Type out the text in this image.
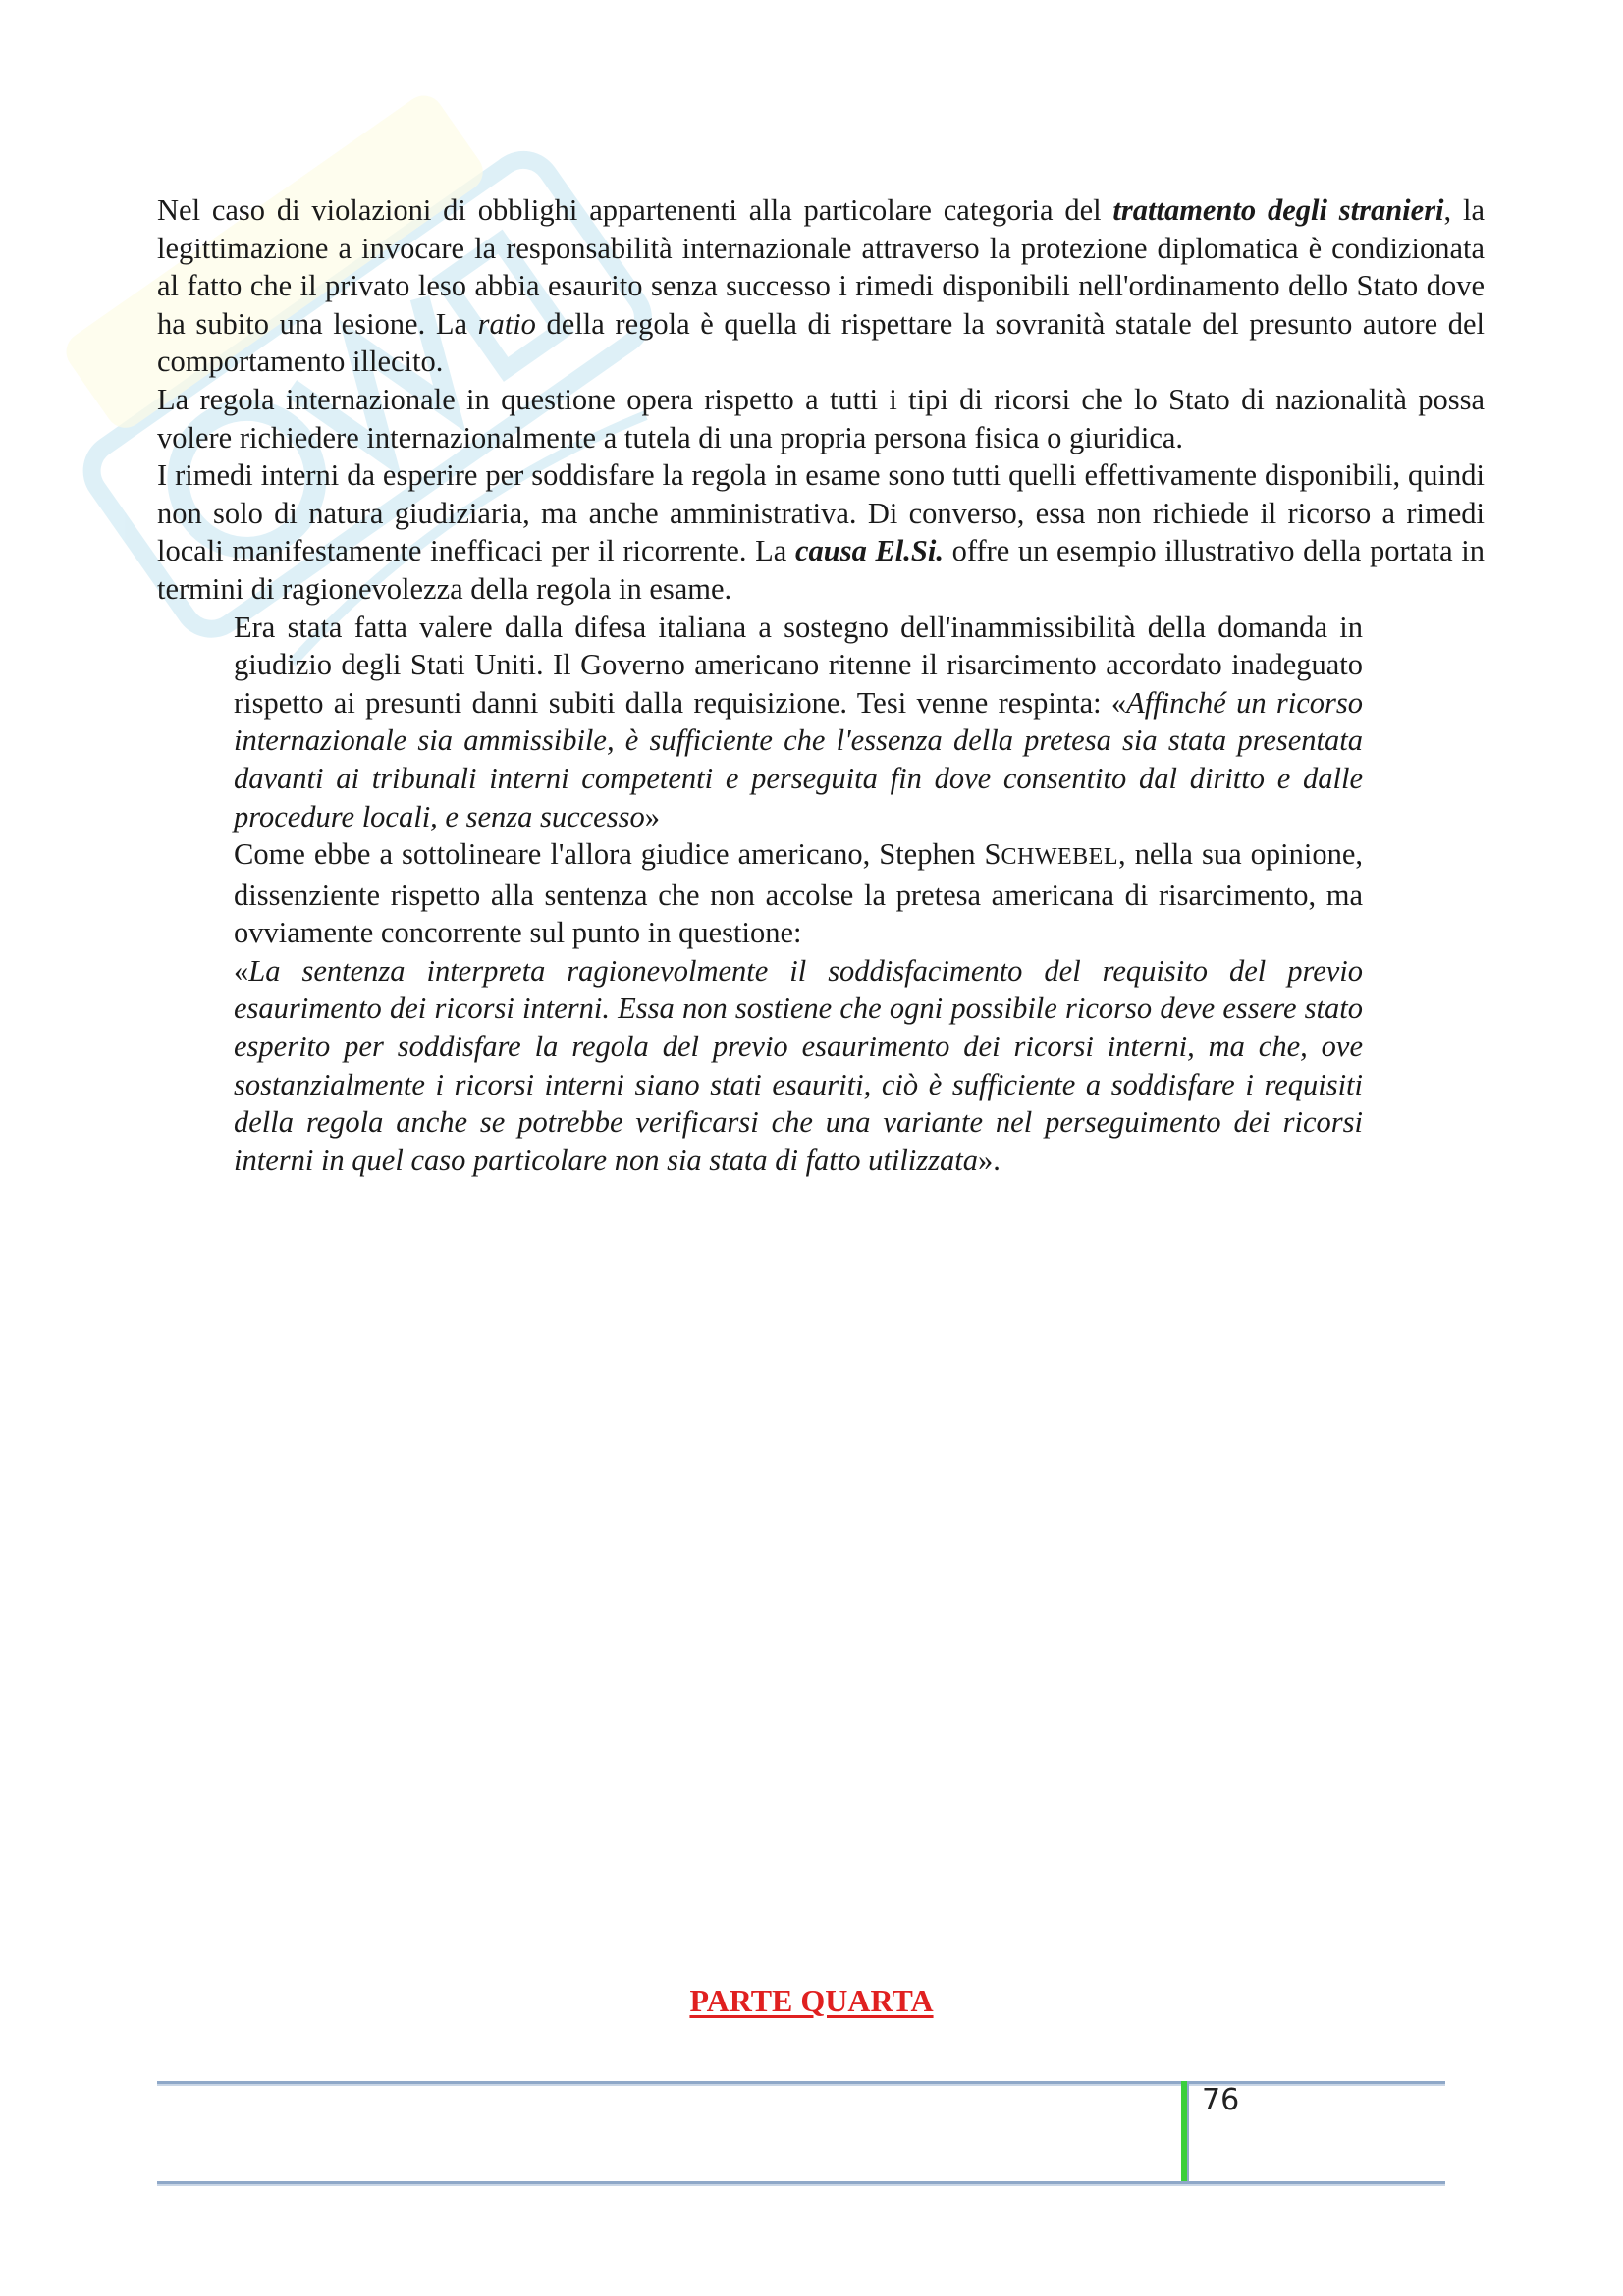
Nel caso di violazioni di obblighi appartenenti alla particolare categoria del trattamento degli stranieri, la legittimazione a invocare la responsabilità internazionale attraverso la protezione diplomatica è condizionata al fatto che il privato leso abbia esaurito senza successo i rimedi disponibili nell'ordinamento dello Stato dove ha subito una lesione. La ratio della regola è quella di rispettare la sovranità statale del presunto autore del comportamento illecito.

La regola internazionale in questione opera rispetto a tutti i tipi di ricorsi che lo Stato di nazionalità possa volere richiedere internazionalmente a tutela di una propria persona fisica o giuridica.

I rimedi interni da esperire per soddisfare la regola in esame sono tutti quelli effettivamente disponibili, quindi non solo di natura giudiziaria, ma anche amministrativa. Di converso, essa non richiede il ricorso a rimedi locali manifestamente inefficaci per il ricorrente. La causa El.Si. offre un esempio illustrativo della portata in termini di ragionevolezza della regola in esame.

Era stata fatta valere dalla difesa italiana a sostegno dell'inammissibilità della domanda in giudizio degli Stati Uniti. Il Governo americano ritenne il risarcimento accordato inadeguato rispetto ai presunti danni subiti dalla requisizione. Tesi venne respinta: «Affinché un ricorso internazionale sia ammissibile, è sufficiente che l'essenza della pretesa sia stata presentata davanti ai tribunali interni competenti e perseguita fin dove consentito dal diritto e dalle procedure locali, e senza successo»

Come ebbe a sottolineare l'allora giudice americano, Stephen SCHWEBEL, nella sua opinione, dissenziente rispetto alla sentenza che non accolse la pretesa americana di risarcimento, ma ovviamente concorrente sul punto in questione:

«La sentenza interpreta ragionevolmente il soddisfacimento del requisito del previo esaurimento dei ricorsi interni. Essa non sostiene che ogni possibile ricorso deve essere stato esperito per soddisfare la regola del previo esaurimento dei ricorsi interni, ma che, ove sostanzialmente i ricorsi interni siano stati esauriti, ciò è sufficiente a soddisfare i requisiti della regola anche se potrebbe verificarsi che una variante nel perseguimento dei ricorsi interni in quel caso particolare non sia stata di fatto utilizzata».

PARTE QUARTA
76
